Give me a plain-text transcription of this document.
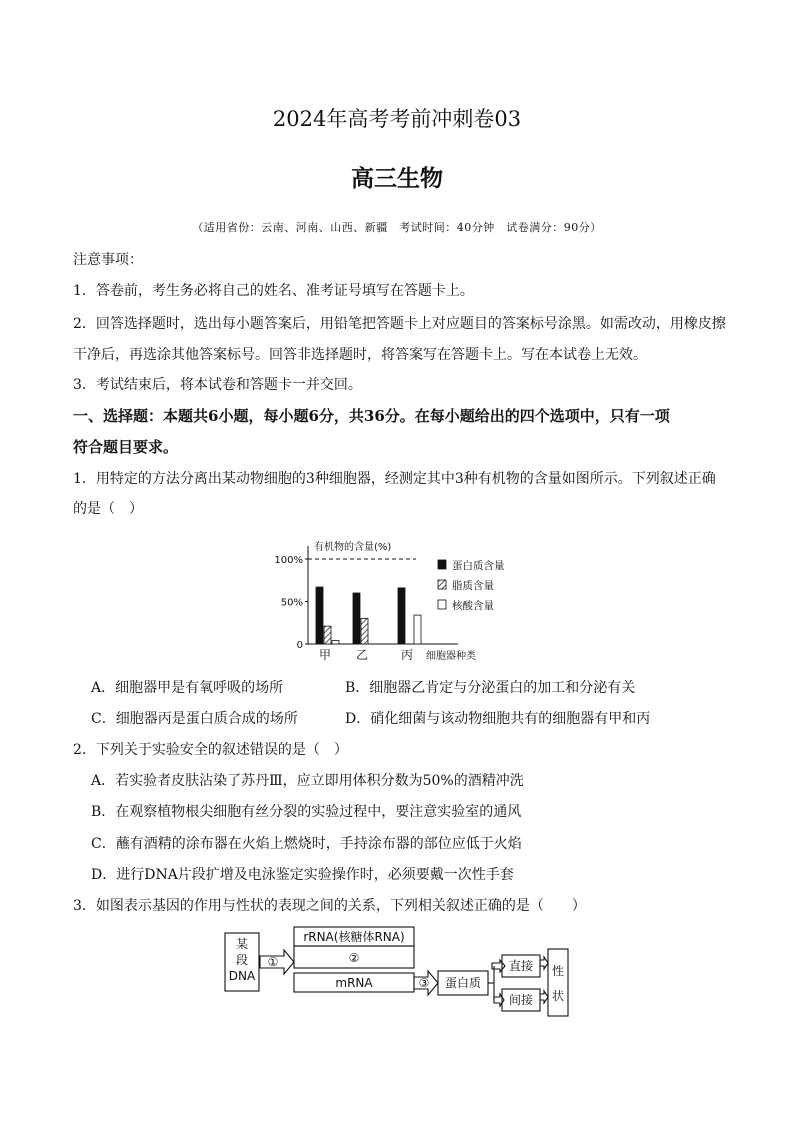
2024年高考考前冲刺卷03
高三生物
（适用省份：云南、河南、山西、新疆　考试时间：40分钟　试卷满分：90分）
注意事项：
1．答卷前，考生务必将自己的姓名、准考证号填写在答题卡上。
2．回答选择题时，选出每小题答案后，用铅笔把答题卡上对应题目的答案标号涂黑。如需改动，用橡皮擦
干净后，再选涂其他答案标号。回答非选择题时，将答案写在答题卡上。写在本试卷上无效。
3．考试结束后，将本试卷和答题卡一并交回。
一、选择题：本题共6小题，每小题6分，共36分。在每小题给出的四个选项中，只有一项
符合题目要求。
1．用特定的方法分离出某动物细胞的3种细胞器，经测定其中3种有机物的含量如图所示。下列叙述正确
的是（　）
有机物的含量(%)
100%
50%
0
甲 乙	丙 细胞器种类
蛋白质含量
脂质含量
核酸含量
A．细胞器甲是有氧呼吸的场所	B．细胞器乙肯定与分泌蛋白的加工和分泌有关
C．细胞器丙是蛋白质合成的场所	D．硝化细菌与该动物细胞共有的细胞器有甲和丙
2．下列关于实验安全的叙述错误的是（　）
A．若实验者皮肤沾染了苏丹Ⅲ，应立即用体积分数为50%的酒精冲洗
B．在观察植物根尖细胞有丝分裂的实验过程中，要注意实验室的通风
C．蘸有酒精的涂布器在火焰上燃烧时，手持涂布器的部位应低于火焰
D．进行DNA片段扩增及电泳鉴定实验操作时，必须要戴一次性手套
3．如图表示基因的作用与性状的表现之间的关系，下列相关叙述正确的是（　　）
某
段
DNA
①
rRNA(核糖体RNA)
②
mRNA	③ 蛋白质
直接
间接
性
状
